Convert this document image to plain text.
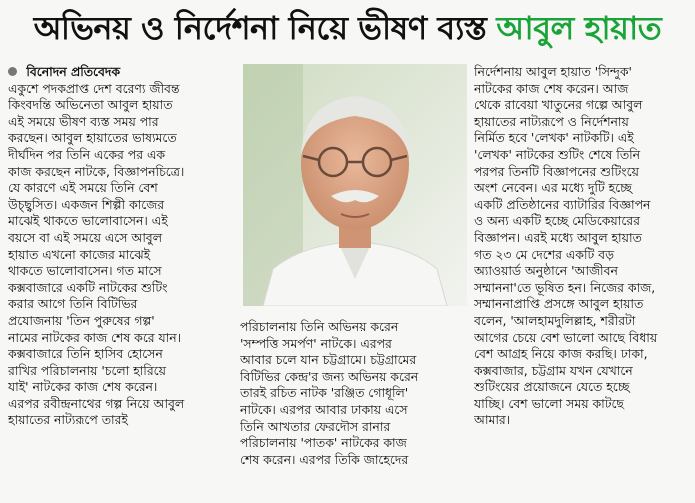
অভিনয় ও নির্দেশনা নিয়ে ভীষণ ব্যস্ত আবুল হায়াত
বিনোদন প্রতিবেদক
একুশে পদকপ্রাপ্ত দেশ বরেণ্য জীবন্ত
কিংবদন্তি অভিনেতা আবুল হায়াত
এই সময়ে ভীষণ ব্যস্ত সময় পার
করছেন। আবুল হায়াতের ভাষ্যমতে
দীর্ঘদিন পর তিনি একের পর এক
কাজ করছেন নাটকে, বিজ্ঞাপনচিত্রে।
যে কারণে এই সময়ে তিনি বেশ
উচ্ছ্বসিত। একজন শিল্পী কাজের
মাঝেই থাকতে ভালোবাসেন। এই
বয়সে বা এই সময়ে এসে আবুল
হায়াত এখনো কাজের মাঝেই
থাকতে ভালোবাসেন। গত মাসে
কক্সবাজারে একটি নাটকের শুটিং
করার আগে তিনি বিটিভির
প্রযোজনায় 'তিন পুরুষের গল্প'
নামের নাটকের কাজ শেষ করে যান।
কক্সবাজারে তিনি হাসিব হোসেন
রাখির পরিচালনায় 'চলো হারিয়ে
যাই' নাটকের কাজ শেষ করেন।
এরপর রবীন্দ্রনাথের গল্প নিয়ে আবুল
হায়াতের নাট্যরূপে তারই
পরিচালনায় তিনি অভিনয় করেন
'সম্পত্তি সমর্পণ' নাটকে। এরপর
আবার চলে যান চট্টগ্রামে। চট্টগ্রামের
বিটিভির কেন্দ্র'র জন্য অভিনয় করেন
তারই রচিত নাটক 'রঞ্জিত গোধূলি'
নাটকে। এরপর আবার ঢাকায় এসে
তিনি আখতার ফেরদৌস রানার
পরিচালনায় 'পাতক' নাটকের কাজ
শেষ করেন। এরপর তিকি জাহেদের
নির্দেশনায় আবুল হায়াত 'সিন্দুক'
নাটকের কাজ শেষ করেন। আজ
থেকে রাবেয়া খাতুনের গল্পে আবুল
হায়াতের নাট্যরূপে ও নির্দেশনায়
নির্মিত হবে 'লেখক' নাটকটি। এই
'লেখক' নাটকের শুটিং শেষে তিনি
পরপর তিনটি বিজ্ঞাপনের শুটিংয়ে
অংশ নেবেন। এর মধ্যে দুটি হচ্ছে
একটি প্রতিষ্ঠানের ব্যাটারির বিজ্ঞাপন
ও অন্য একটি হচ্ছে মেডিকেয়ারের
বিজ্ঞাপন। এরই মধ্যে আবুল হায়াত
গত ২৩ মে দেশের একটি বড়
অ্যাওয়ার্ড অনুষ্ঠানে 'আজীবন
সম্মাননা'তে ভূষিত হন। নিজের কাজ,
সম্মাননাপ্রাপ্তি প্রসঙ্গে আবুল হায়াত
বলেন, 'আলহামদুলিল্লাহ, শরীরটা
আগের চেয়ে বেশ ভালো আছে বিধায়
বেশ আগ্রহ নিয়ে কাজ করছি। ঢাকা,
কক্সবাজার, চট্টগ্রাম যখন যেখানে
শুটিংয়ের প্রয়োজনে যেতে হচ্ছে
যাচ্ছি। বেশ ভালো সময় কাটছে
আমার।
